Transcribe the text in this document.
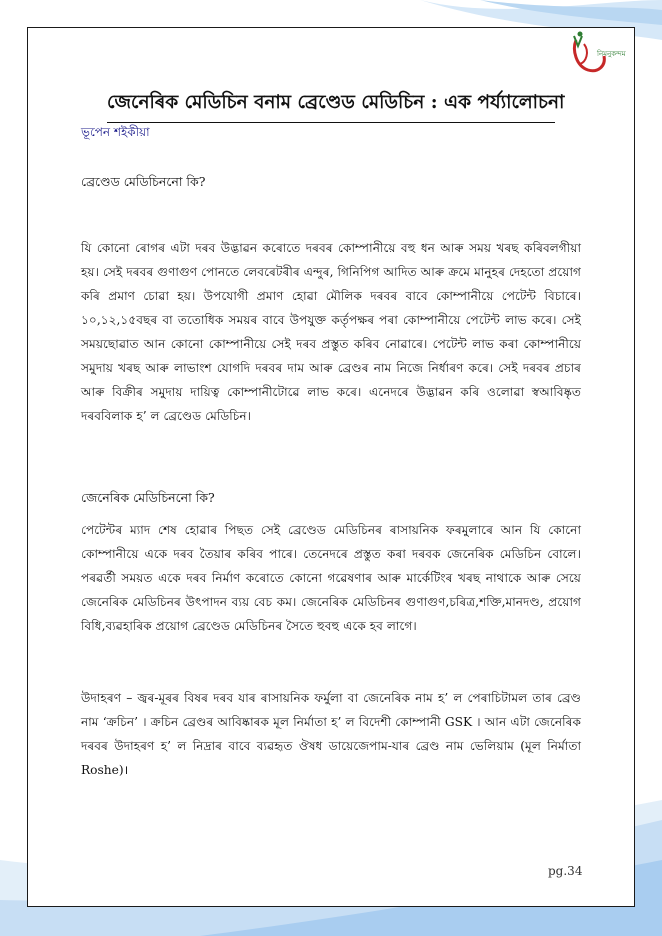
নিমনুকন্দম
জেনেৰিক মেডিচিন বনাম ব্ৰেণ্ডেড মেডিচিন : এক পৰ্য্যালোচনা
ভূপেন শইকীয়া
ব্ৰেণ্ডেড মেডিচিননো কি?
যি কোনো ৰোগৰ এটা দৰব উদ্ভাৱন কৰোতে দৰবৰ কোম্পানীয়ে বহু ধন আৰু সময় খৰছ কৰিবলগীয়া হয়। সেই দৰবৰ গুণাগুণ পোনতে লেবৰেটৰীৰ এন্দুৰ, গিনিপিগ আদিত আৰু ক্ৰমে মানুহৰ দেহতো প্ৰয়োগ কৰি প্ৰমাণ চোৱা হয়। উপযোগী প্ৰমাণ হোৱা মৌলিক দৰবৰ বাবে কোম্পানীয়ে পেটেন্ট বিচাৰে। ১০,১২,১৫বছৰ বা ততোধিক সময়ৰ বাবে উপযুক্ত কৰ্তৃপক্ষৰ পৰা কোম্পানীয়ে পেটেন্ট লাভ কৰে। সেই সময়ছোৱাত আন কোনো কোম্পানীয়ে সেই দৰব প্ৰস্তুত কৰিব নোৱাৰে। পেটেন্ট লাভ কৰা কোম্পানীয়ে সমুদায় খৰছ আৰু লাভাংশ যোগদি দৰবৰ দাম আৰু ব্ৰেণ্ডৰ নাম নিজে নিৰ্ধাৰণ কৰে। সেই দৰবৰ প্ৰচাৰ আৰু বিক্ৰীৰ সমুদায় দায়িত্ব কোম্পানীটোৱে লাভ কৰে। এনেদৰে উদ্ভাৱন কৰি ওলোৱা স্বআবিষ্কৃত দৰববিলাক হ’ ল ব্ৰেণ্ডেড মেডিচিন।
জেনেৰিক মেডিচিননো কি?
পেটেন্টৰ ম্যাদ শেষ হোৱাৰ পিছত সেই ব্ৰেণ্ডেড মেডিচিনৰ ৰাসায়নিক ফৰমুলাৰে আন যি কোনো কোম্পানীয়ে একে দৰব তৈয়াৰ কৰিব পাৰে। তেনেদৰে প্ৰস্তুত কৰা দৰবক জেনেৰিক মেডিচিন বোলে। পৰৱৰ্তী সময়ত একে দৰব নিৰ্মাণ কৰোতে কোনো গৱেষণাৰ আৰু মাৰ্কেটিংৰ খৰছ নাথাকে আৰু সেয়ে জেনেৰিক মেডিচিনৰ উৎপাদন ব্যয় বেচ কম। জেনেৰিক মেডিচিনৰ গুণাগুণ,চৰিত্ৰ,শক্তি,মানদণ্ড, প্ৰয়োগ বিধি,ব্যৱহাৰিক প্ৰয়োগ ব্ৰেণ্ডেড মেডিচিনৰ সৈতে হুবহু একে হব লাগে।
উদাহৰণ – জ্বৰ-মূৰৰ বিষৰ দৰব যাৰ ৰাসায়নিক ফৰ্মুলা বা জেনেৰিক নাম হ’ ল পেৰাচিটামল তাৰ ব্ৰেণ্ড নাম ‘ক্ৰচিন’ । ক্ৰচিন ব্ৰেণ্ডৰ আবিষ্কাৰক মূল নিৰ্মাতা হ’ ল বিদেশী কোম্পানী GSK । আন এটা জেনেৰিক দৰবৰ উদাহৰণ হ’ ল নিদ্ৰাৰ বাবে ব্যৱহৃত ঔষধ ডায়েজেপাম-যাৰ ব্ৰেণ্ড নাম ভেলিয়াম (মূল নিৰ্মাতা Roshe)।
pg.34
